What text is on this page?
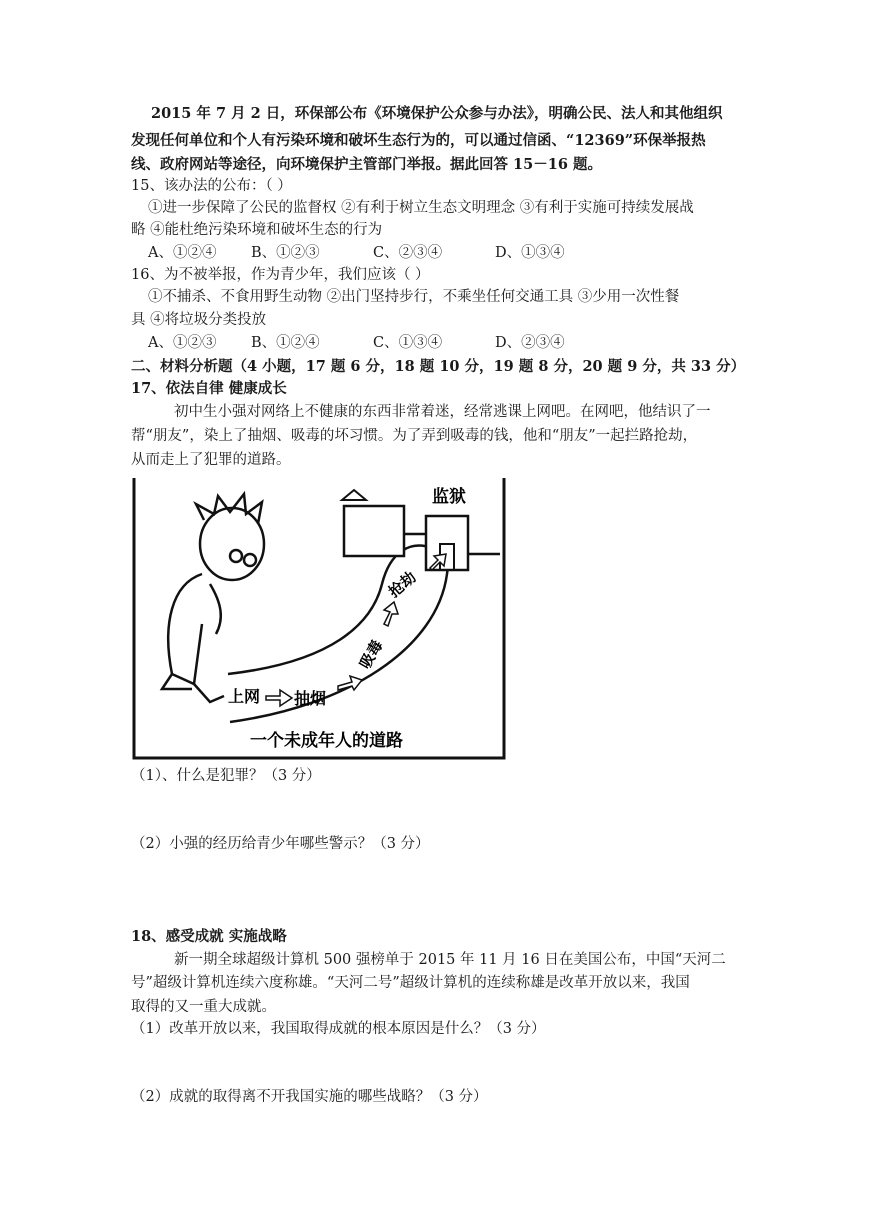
2015 年 7 月 2 日，环保部公布《环境保护公众参与办法》，明确公民、法人和其他组织
发现任何单位和个人有污染环境和破坏生态行为的，可以通过信函、“12369”环保举报热
线、政府网站等途径，向环境保护主管部门举报。据此回答 15－16 题。
15、该办法的公布：（ ）
①进一步保障了公民的监督权 ②有利于树立生态文明理念 ③有利于实施可持续发展战
略 ④能杜绝污染环境和破坏生态的行为
A、①②④ B、①②③	C、②③④	D、①③④
16、为不被举报，作为青少年，我们应该（ ）
①不捕杀、不食用野生动物 ②出门坚持步行，不乘坐任何交通工具 ③少用一次性餐
具 ④将垃圾分类投放
A、①②③ B、①②④	C、①③④	D、②③④
二、材料分析题（4 小题，17 题 6 分，18 题 10 分，19 题 8 分，20 题 9 分，共 33 分）
17、依法自律 健康成长
初中生小强对网络上不健康的东西非常着迷，经常逃课上网吧。在网吧，他结识了一
帮“朋友”，染上了抽烟、吸毒的坏习惯。为了弄到吸毒的钱，他和“朋友”一起拦路抢劫，
从而走上了犯罪的道路。
监狱
上网 抽烟
吸毒
抢劫
一个未成年人的道路
（1）、什么是犯罪？（3 分）
（2）小强的经历给青少年哪些警示？（3 分）
18、感受成就 实施战略
新一期全球超级计算机 500 强榜单于 2015 年 11 月 16 日在美国公布，中国“天河二
号”超级计算机连续六度称雄。“天河二号”超级计算机的连续称雄是改革开放以来，我国
取得的又一重大成就。
（1）改革开放以来，我国取得成就的根本原因是什么？（3 分）
（2）成就的取得离不开我国实施的哪些战略？（3 分）
